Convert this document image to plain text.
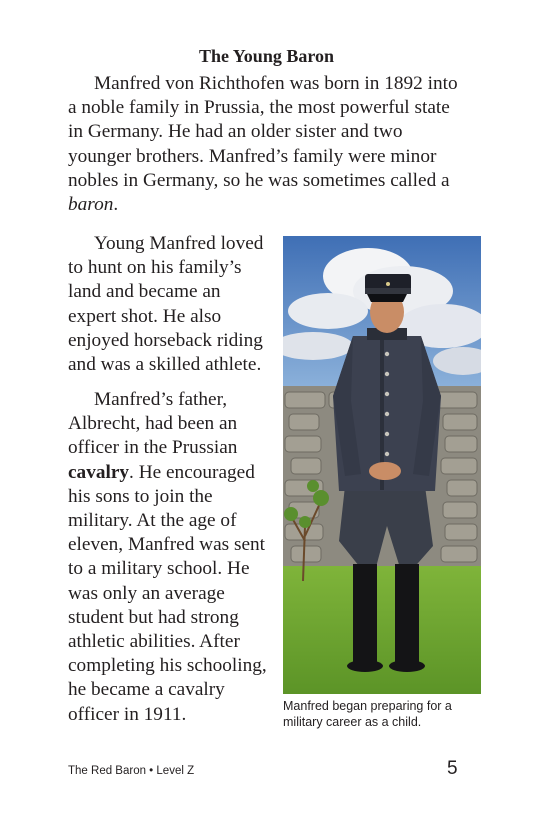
The Young Baron

Manfred von Richthofen was born in 1892 into a noble family in Prussia, the most powerful state in Germany. He had an older sister and two younger brothers. Manfred’s family were minor nobles in Germany, so he was sometimes called a baron.

Young Manfred loved to hunt on his family’s land and became an expert shot. He also enjoyed horseback riding and was a skilled athlete.

Manfred’s father, Albrecht, had been an officer in the Prussian cavalry. He encouraged his sons to join the military. At the age of eleven, Manfred was sent to a military school. He was only an average student but had strong athletic abilities. After completing his schooling, he became a cavalry officer in 1911.	Manfred began preparing for a military career as a child.
The Red Baron • Level Z	5
